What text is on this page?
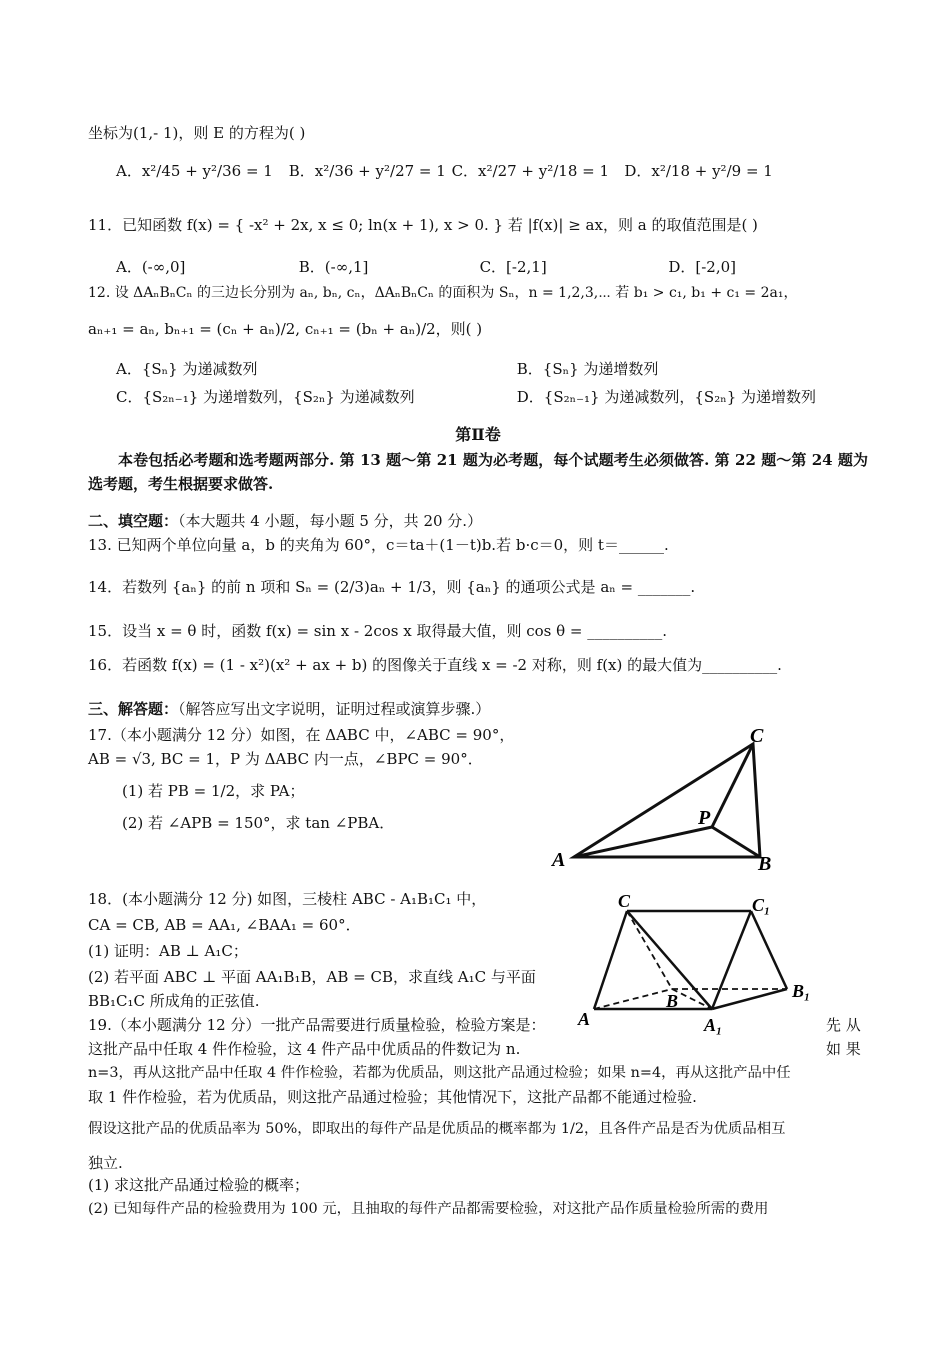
坐标为(1,- 1)，则 E 的方程为( )
A．x²/45 + y²/36 = 1 B．x²/36 + y²/27 = 1 C．x²/27 + y²/18 = 1 D．x²/18 + y²/9 = 1
11．已知函数 f(x) = { -x² + 2x, x ≤ 0; ln(x + 1), x > 0. } 若 |f(x)| ≥ ax，则 a 的取值范围是( )
A．(-∞,0]	B．(-∞,1]	C．[-2,1]	D．[-2,0]
12. 设 ΔAₙBₙCₙ 的三边长分别为 aₙ, bₙ, cₙ，ΔAₙBₙCₙ 的面积为 Sₙ，n = 1,2,3,⋯ 若 b₁ > c₁, b₁ + c₁ = 2a₁，
aₙ₊₁ = aₙ, bₙ₊₁ = (cₙ + aₙ)/2, cₙ₊₁ = (bₙ + aₙ)/2，则( )
A．{Sₙ} 为递减数列	B．{Sₙ} 为递增数列
C．{S₂ₙ₋₁} 为递增数列，{S₂ₙ} 为递减数列	D．{S₂ₙ₋₁} 为递减数列，{S₂ₙ} 为递增数列
第Ⅱ卷
本卷包括必考题和选考题两部分. 第 13 题～第 21 题为必考题，每个试题考生必须做答. 第 22 题～第 24 题为选考题，考生根据要求做答.
二、填空题：（本大题共 4 小题，每小题 5 分，共 20 分.）
13. 已知两个单位向量 a，b 的夹角为 60°，c＝ta＋(1－t)b.若 b·c＝0，则 t＝______.
14．若数列 {aₙ} 的前 n 项和 Sₙ = (2/3)aₙ + 1/3，则 {aₙ} 的通项公式是 aₙ = _______.
15．设当 x = θ 时，函数 f(x) = sin x - 2cos x 取得最大值，则 cos θ = __________.
16．若函数 f(x) = (1 - x²)(x² + ax + b) 的图像关于直线 x = -2 对称，则 f(x) 的最大值为__________.
三、解答题：（解答应写出文字说明，证明过程或演算步骤.）
17.（本小题满分 12 分）如图，在 ΔABC 中，∠ABC = 90°，
AB = √3, BC = 1，P 为 ΔABC 内一点，∠BPC = 90°．
(1) 若 PB = 1/2，求 PA；
(2) 若 ∠APB = 150°，求 tan ∠PBA．
18．(本小题满分 12 分) 如图，三棱柱 ABC - A₁B₁C₁ 中，
CA = CB, AB = AA₁, ∠BAA₁ = 60°．
(1) 证明：AB ⊥ A₁C；
(2) 若平面 ABC ⊥ 平面 AA₁B₁B，AB = CB，求直线 A₁C 与平面
BB₁C₁C 所成角的正弦值.
19.（本小题满分 12 分）一批产品需要进行质量检验，检验方案是：	先 从
这批产品中任取 4 件作检验，这 4 件产品中优质品的件数记为 n.	如 果
n=3，再从这批产品中任取 4 件作检验，若都为优质品，则这批产品通过检验；如果 n=4，再从这批产品中任
取 1 件作检验，若为优质品，则这批产品通过检验；其他情况下，这批产品都不能通过检验.
假设这批产品的优质品率为 50%，即取出的每件产品是优质品的概率都为 1/2，且各件产品是否为优质品相互
独立.
(1) 求这批产品通过检验的概率；
(2) 已知每件产品的检验费用为 100 元，且抽取的每件产品都需要检验，对这批产品作质量检验所需的费用
A	B
C
P
C	C₁
B	B₁
A	A₁
